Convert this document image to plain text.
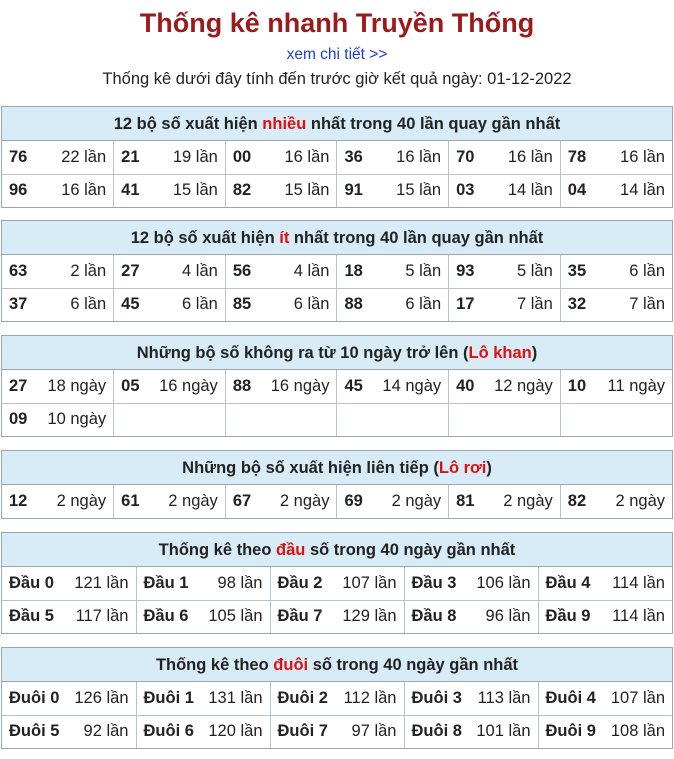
Thống kê nhanh Truyền Thống
xem chi tiết >>
Thống kê dưới đây tính đến trước giờ kết quả ngày: 01-12-2022
12 bộ số xuất hiện nhiều nhất trong 40 lần quay gần nhất
76 22 lần	21 19 lần	00 16 lần	36 16 lần	70 16 lần	78 16 lần

96 16 lần	41 15 lần	82 15 lần	91 15 lần	03 14 lần	04 14 lần
12 bộ số xuất hiện ít nhất trong 40 lần quay gần nhất
63 2 lần	27 4 lần	56 4 lần	18 5 lần	93 5 lần	35 6 lần

37 6 lần	45 6 lần	85 6 lần	88 6 lần	17 7 lần	32 7 lần
Những bộ số không ra từ 10 ngày trở lên (Lô khan)
27 18 ngày	05 16 ngày	88 16 ngày	45 14 ngày	40 12 ngày	10 11 ngày

09 10 ngày					

Những bộ số xuất hiện liên tiếp (Lô rơi)
12 2 ngày	61 2 ngày	67 2 ngày	69 2 ngày	81 2 ngày	82 2 ngày
Thống kê theo đầu số trong 40 ngày gần nhất
Đầu 0 121 lần	Đầu 1 98 lần	Đầu 2 107 lần	Đầu 3 106 lần	Đầu 4 114 lần

Đầu 5 117 lần	Đầu 6 105 lần	Đầu 7 129 lần	Đầu 8 96 lần	Đầu 9 114 lần
Thống kê theo đuôi số trong 40 ngày gần nhất
Đuôi 0 126 lần	Đuôi 1 131 lần	Đuôi 2 112 lần	Đuôi 3 113 lần	Đuôi 4 107 lần

Đuôi 5 92 lần	Đuôi 6 120 lần	Đuôi 7 97 lần	Đuôi 8 101 lần	Đuôi 9 108 lần
